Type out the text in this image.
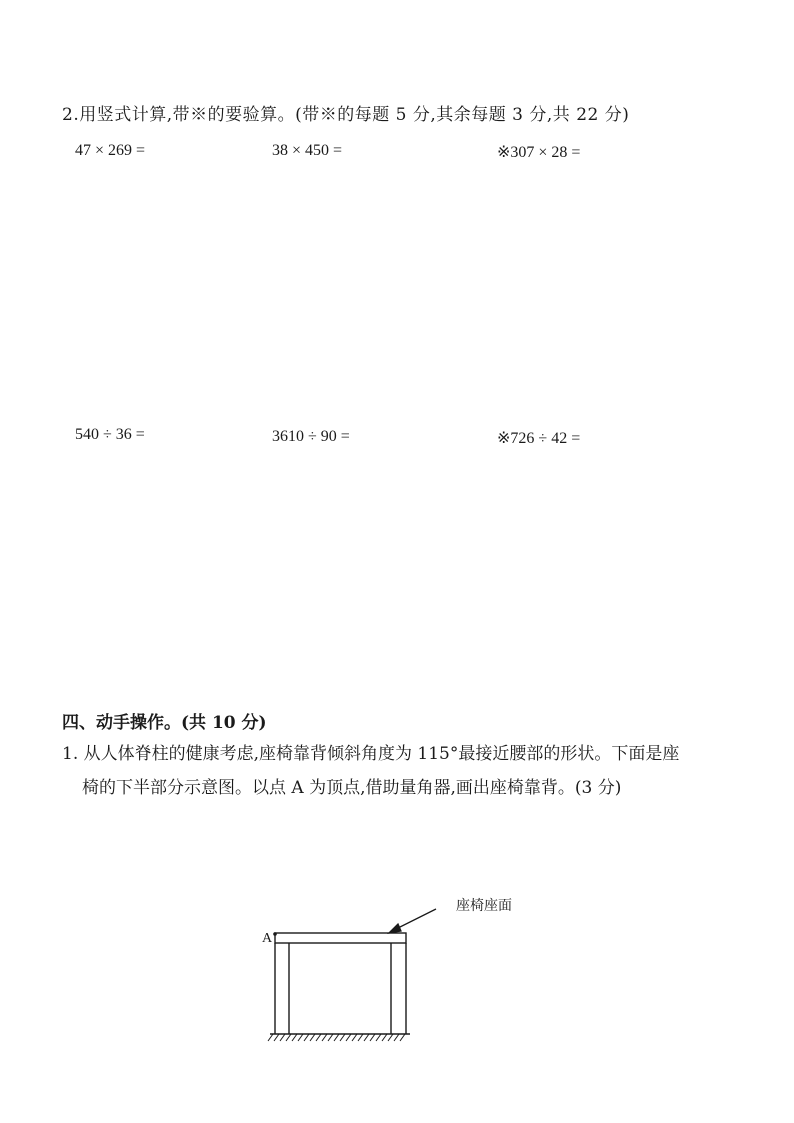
2.用竖式计算,带※的要验算。(带※的每题 5 分,其余每题 3 分,共 22 分)
47 × 269 =	38 × 450 =	※307 × 28 =
540 ÷ 36 =	3610 ÷ 90 =	※726 ÷ 42 =
四、动手操作。(共 10 分)
1. 从人体脊柱的健康考虑,座椅靠背倾斜角度为 115°最接近腰部的形状。下面是座
椅的下半部分示意图。以点 A 为顶点,借助量角器,画出座椅靠背。(3 分)
A
座椅座面
